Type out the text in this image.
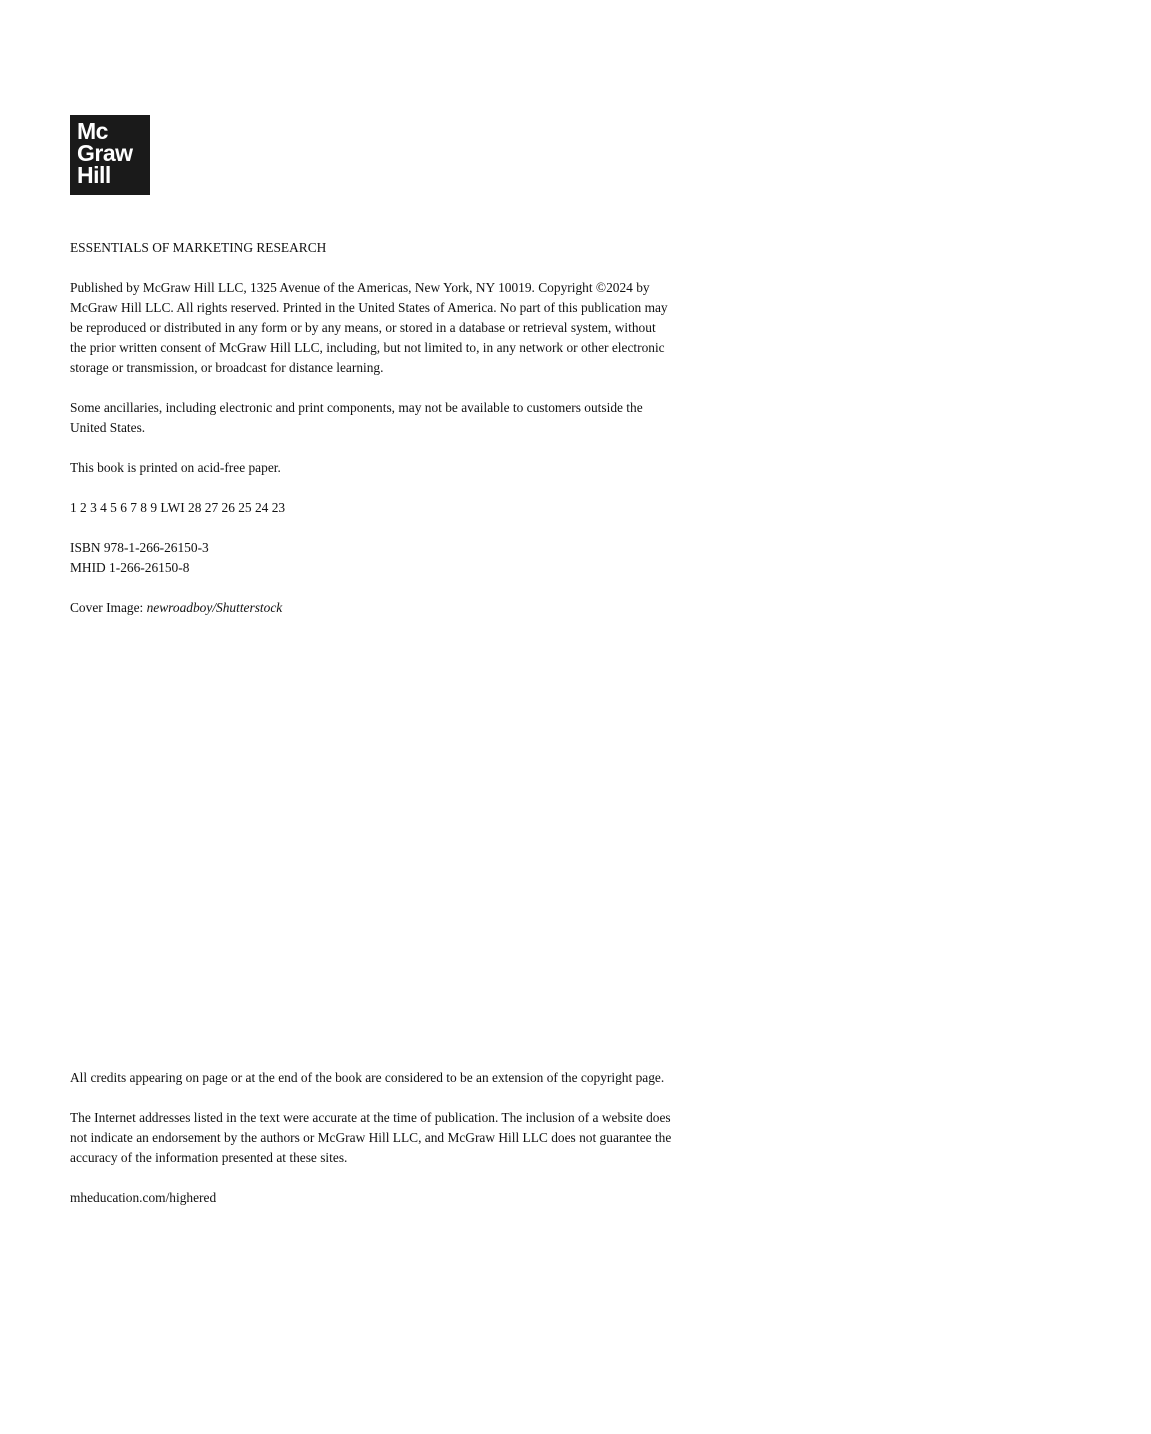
Mc
Graw
Hill

ESSENTIALS OF MARKETING RESEARCH

Published by McGraw Hill LLC, 1325 Avenue of the Americas, New York, NY 10019. Copyright ©2024 by
McGraw Hill LLC. All rights reserved. Printed in the United States of America. No part of this publication may
be reproduced or distributed in any form or by any means, or stored in a database or retrieval system, without
the prior written consent of McGraw Hill LLC, including, but not limited to, in any network or other electronic
storage or transmission, or broadcast for distance learning.

Some ancillaries, including electronic and print components, may not be available to customers outside the
United States.

This book is printed on acid-free paper.

1 2 3 4 5 6 7 8 9 LWI 28 27 26 25 24 23

ISBN 978-1-266-26150-3
MHID 1-266-26150-8

Cover Image: newroadboy/Shutterstock

All credits appearing on page or at the end of the book are considered to be an extension of the copyright page.

The Internet addresses listed in the text were accurate at the time of publication. The inclusion of a website does
not indicate an endorsement by the authors or McGraw Hill LLC, and McGraw Hill LLC does not guarantee the
accuracy of the information presented at these sites.

mheducation.com/highered
